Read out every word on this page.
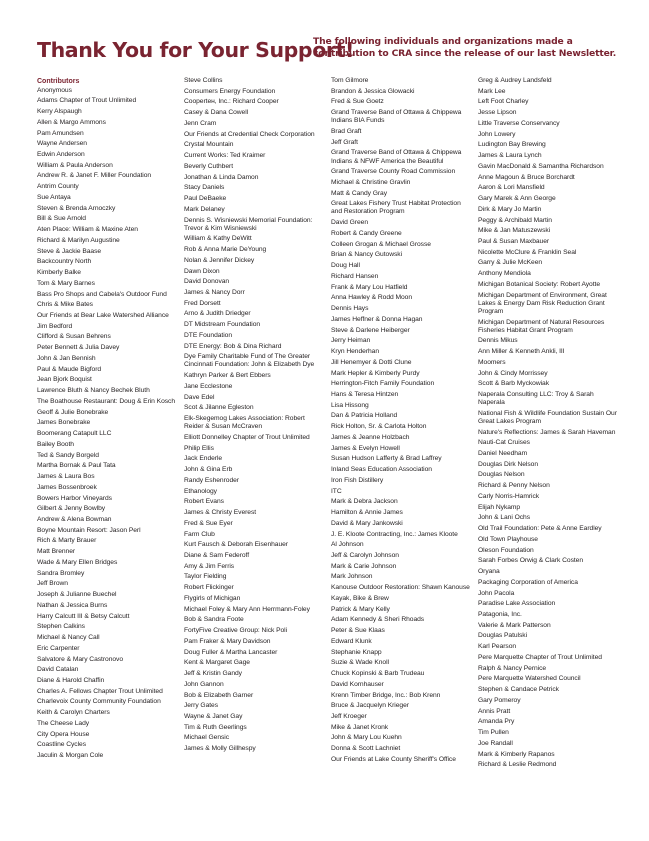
Thank You for Your Support!

The following individuals and organizations made a contribution to CRA since the release of our last Newsletter.

Contributors
Anonymous
Adams Chapter of Trout Unlimited
Kerry Alspaugh
Allen & Margo Ammons
Pam Amundsen
Wayne Andersen
Edwin Anderson
William & Paula Anderson
Andrew R. & Janet F. Miller Foundation
Antrim County
Sue Antaya
Steven & Brenda Arnoczky
Bill & Sue Arnold
Aten Place: William & Maxine Aten
Richard & Marilyn Augustine
Steve & Jackie Baase
Backcountry North
Kimberly Balke
Tom & Mary Barnes
Bass Pro Shops and Cabela's Outdoor Fund
Chris & Mike Bates
Our Friends at Bear Lake Watershed Alliance
Jim Bedford
Clifford & Susan Behrens
Peter Bennett & Julia Davey
John & Jan Bennish
Paul & Maude Bigford
Jean Bjork Boquist
Lawrence Bluth & Nancy Bechek Bluth
The Boathouse Restaurant: Doug & Erin Kosch
Geoff & Julie Bonebrake
James Bonebrake
Boomerang Catapult LLC
Bailey Booth
Ted & Sandy Borgeld
Martha Bornak & Paul Tata
James & Laura Bos
James Bossenbroek
Bowers Harbor Vineyards
Gilbert & Jenny Bowlby
Andrew & Alena Bowman
Boyne Mountain Resort: Jason Perl
Rich & Marty Brauer
Matt Brenner
Wade & Mary Ellen Bridges
Sandra Bromley
Jeff Brown
Joseph & Julianne Buechel
Nathan & Jessica Burns
Harry Calcutt III & Betsy Calcutt
Stephen Calkins
Michael & Nancy Call
Eric Carpenter
Salvatore & Mary Castronovo
David Catalan
Diane & Harold Chaffin
Charles A. Fellows Chapter Trout Unlimited
Charlevoix County Community Foundation
Keith & Carolyn Charters
The Cheese Lady
City Opera House
Coastline Cycles
Jaculin & Morgan Cole
Steve Collins
Consumers Energy Foundation
Coopertен, Inc.: Richard Cooper
Casey & Dana Cowell
Jenn Cram
Our Friends at Credential Check Corporation
Crystal Mountain
Current Works: Ted Kraimer
Beverly Cuthbert
Jonathan & Linda Damon
Stacy Daniels
Paul DeBaeke
Mark Delaney
Dennis S. Wisniewski Memorial Foundation: Trevor & Kim Wisniewski
William & Kathy DeWitt
Rob & Anna Marie DeYoung
Nolan & Jennifer Dickey
Dawn Dixon
David Donovan
James & Nancy Dorr
Fred Dorsett
Arno & Judith Driedger
DT Midstream Foundation
DTE Foundation
DTE Energy: Bob & Dina Richard
Dye Family Charitable Fund of The Greater Cincinnati Foundation: John & Elizabeth Dye
Kathryn Parker & Bert Ebbers
Jane Ecclestone
Dave Edel
Scot & Jilanne Egleston
Elk-Skegemog Lakes Association: Robert Reider & Susan McCraven
Elliott Donnelley Chapter of Trout Unlimited
Philip Ellis
Jack Enderle
John & Gina Erb
Randy Eshenroder
Ethanology
Robert Evans
James & Christy Everest
Fred & Sue Eyer
Farm Club
Kurt Fausch & Deborah Eisenhauer
Diane & Sam Federoff
Amy & Jim Ferris
Taylor Fielding
Robert Flickinger
Flygirls of Michigan
Michael Foley & Mary Ann Herrmann-Foley
Bob & Sandra Foote
FortyFive Creative Group: Nick Poli
Pam Fraker & Mary Davidson
Doug Fuller & Martha Lancaster
Kent & Margaret Gage
Jeff & Kristin Gandy
John Gannon
Bob & Elizabeth Garner
Jerry Gates
Wayne & Janet Gay
Tim & Ruth Geerlings
Michael Gensic
James & Molly Gillhespy
Tom Gilmore
Brandon & Jessica Glowacki
Fred & Sue Goetz
Grand Traverse Band of Ottawa & Chippewa Indians BIA Funds
Brad Graft
Jeff Graft
Grand Traverse Band of Ottawa & Chippewa Indians & NFWF America the Beautiful
Grand Traverse County Road Commission
Michael & Christine Gravlin
Matt & Candy Gray
Great Lakes Fishery Trust Habitat Protection and Restoration Program
David Green
Robert & Candy Greene
Colleen Grogan & Michael Grosse
Brian & Nancy Gutowski
Doug Hall
Richard Hansen
Frank & Mary Lou Hatfield
Anna Hawley & Rodd Moon
Dennis Hays
James Heffner & Donna Hagan
Steve & Darlene Heiberger
Jerry Heiman
Kryn Henderhan
Jill Henemyer & Dotti Clune
Mark Hepler & Kimberly Purdy
Herrington-Fitch Family Foundation
Hans & Teresa Hintzen
Lisa Hissong
Dan & Patricia Holland
Rick Holton, Sr. & Carlota Holton
James & Jeanne Holzbach
James & Evelyn Howell
Susan Hudson Lafferty & Brad Laffrey
Inland Seas Education Association
Iron Fish Distillery
ITC
Mark & Debra Jackson
Hamilton & Annie James
David & Mary Jankowski
J. E. Kloote Contracting, Inc.: James Kloote
Al Johnson
Jeff & Carolyn Johnson
Mark & Carie Johnson
Mark Johnson
Kanouse Outdoor Restoration: Shawn Kanouse
Kayak, Bike & Brew
Patrick & Mary Kelly
Adam Kennedy & Sheri Rhoads
Peter & Sue Klaas
Edward Klunk
Stephanie Knapp
Suzie & Wade Knoll
Chuck Kopinski & Barb Trudeau
David Kornhauser
Krenn Timber Bridge, Inc.: Bob Krenn
Bruce & Jacquelyn Krieger
Jeff Kroeger
Mike & Janet Kronk
John & Mary Lou Kuehn
Donna & Scott Lachniet
Our Friends at Lake County Sheriff's Office
Greg & Audrey Landsfeld
Mark Lee
Left Foot Charley
Jesse Lipson
Little Traverse Conservancy
John Lowery
Ludington Bay Brewing
James & Laura Lynch
Gavin MacDonald & Samantha Richardson
Anne Magoun & Bruce Borchardt
Aaron & Lori Mansfield
Gary Marek & Ann George
Dirk & Mary Jo Martin
Peggy & Archibald Martin
Mike & Jan Matuszewski
Paul & Susan Maxbauer
Nicolette McClure & Franklin Seal
Garry & Julie McKeen
Anthony Mendiola
Michigan Botanical Society: Robert Ayotte
Michigan Department of Environment, Great Lakes & Energy Dam Risk Reduction Grant Program
Michigan Department of Natural Resources Fisheries Habitat Grant Program
Dennis Mikus
Ann Miller & Kenneth Ankli, III
Moomers
John & Cindy Morrissey
Scott & Barb Myckowiak
Naperala Consulting LLC: Troy & Sarah Naperala
National Fish & Wildlife Foundation Sustain Our Great Lakes Program
Nature's Reflections: James & Sarah Haveman
Nauti-Cat Cruises
Daniel Needham
Douglas Dirk Nelson
Douglas Nelson
Richard & Penny Nelson
Carly Norris-Hamrick
Elijah Nykamp
John & Lani Ochs
Old Trail Foundation: Pete & Anne Eardley
Old Town Playhouse
Oleson Foundation
Sarah Forbes Orwig & Clark Costen
Oryana
Packaging Corporation of America
John Pacola
Paradise Lake Association
Patagonia, Inc.
Valerie & Mark Patterson
Douglas Patulski
Karl Pearson
Pere Marquette Chapter of Trout Unlimited
Ralph & Nancy Pernice
Pere Marquette Watershed Council
Stephen & Candace Petrick
Gary Pomeroy
Annis Pratt
Amanda Pry
Tim Pullen
Joe Randall
Mark & Kimberly Rapanos
Richard & Leslie Redmond
